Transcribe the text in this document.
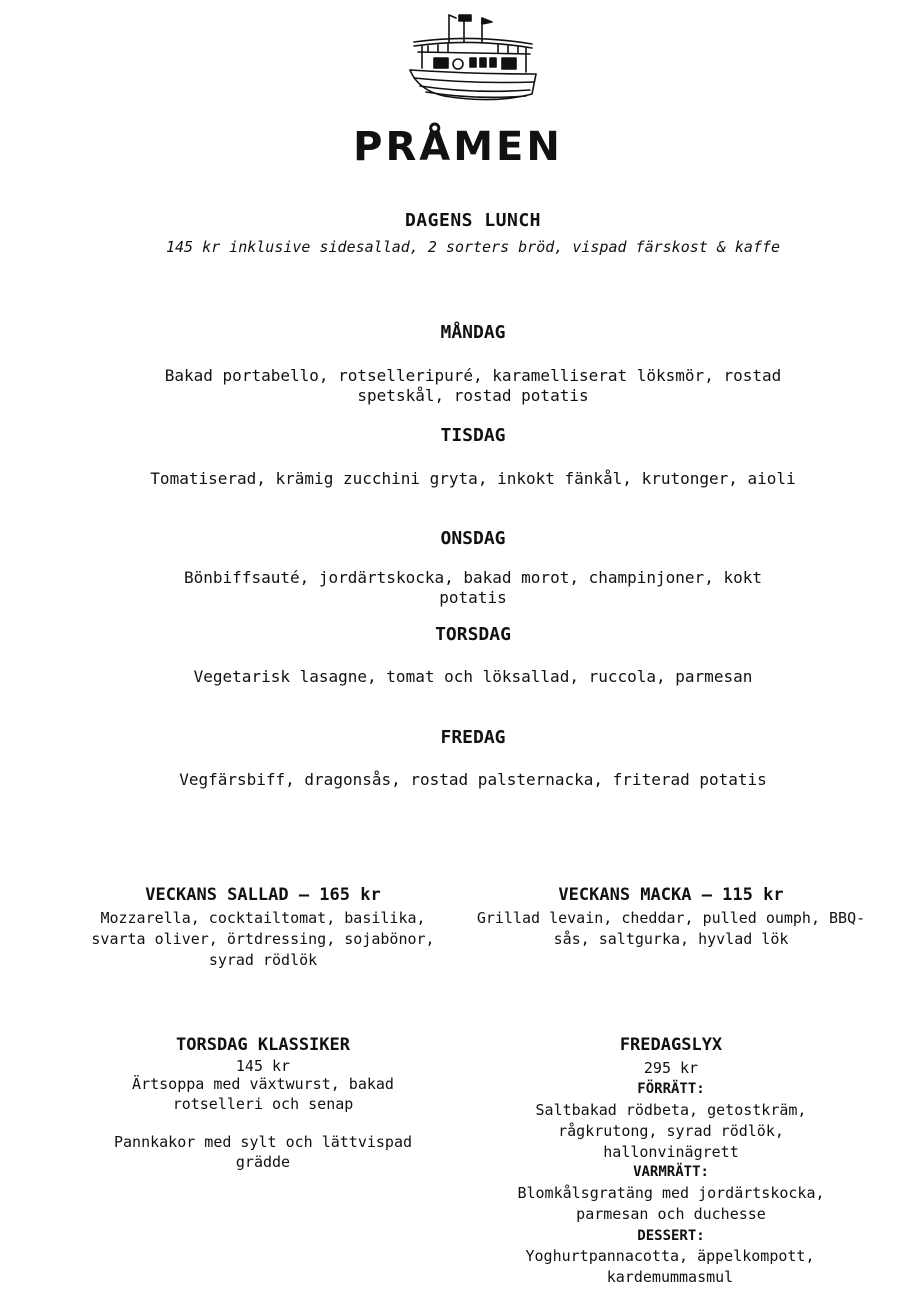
PRÅMEN
DAGENS LUNCH
145 kr inklusive sidesallad, 2 sorters bröd, vispad färskost & kaffe
MÅNDAG
Bakad portabello, rotselleripuré, karamelliserat löksmör, rostad spetskål, rostad potatis
TISDAG
Tomatiserad, krämig zucchini gryta, inkokt fänkål, krutonger, aioli
ONSDAG
Bönbiffsauté, jordärtskocka, bakad morot, champinjoner, kokt potatis
TORSDAG
Vegetarisk lasagne, tomat och löksallad, ruccola, parmesan
FREDAG
Vegfärsbiff, dragonsås, rostad palsternacka, friterad potatis
VECKANS SALLAD – 165 kr
Mozzarella, cocktailtomat, basilika, svarta oliver, örtdressing, sojabönor, syrad rödlök
VECKANS MACKA – 115 kr
Grillad levain, cheddar, pulled oumph, BBQ-sås, saltgurka, hyvlad lök
TORSDAG KLASSIKER
145 kr
Ärtsoppa med växtwurst, bakad rotselleri och senap
Pannkakor med sylt och lättvispad grädde
FREDAGSLYX
295 kr
FÖRRÄTT:
Saltbakad rödbeta, getostkräm, rågkrutong, syrad rödlök, hallonvinägrett
VARMRÄTT:
Blomkålsgratäng med jordärtskocka, parmesan och duchesse
DESSERT:
Yoghurtpannacotta, äppelkompott, kardemummasmul
